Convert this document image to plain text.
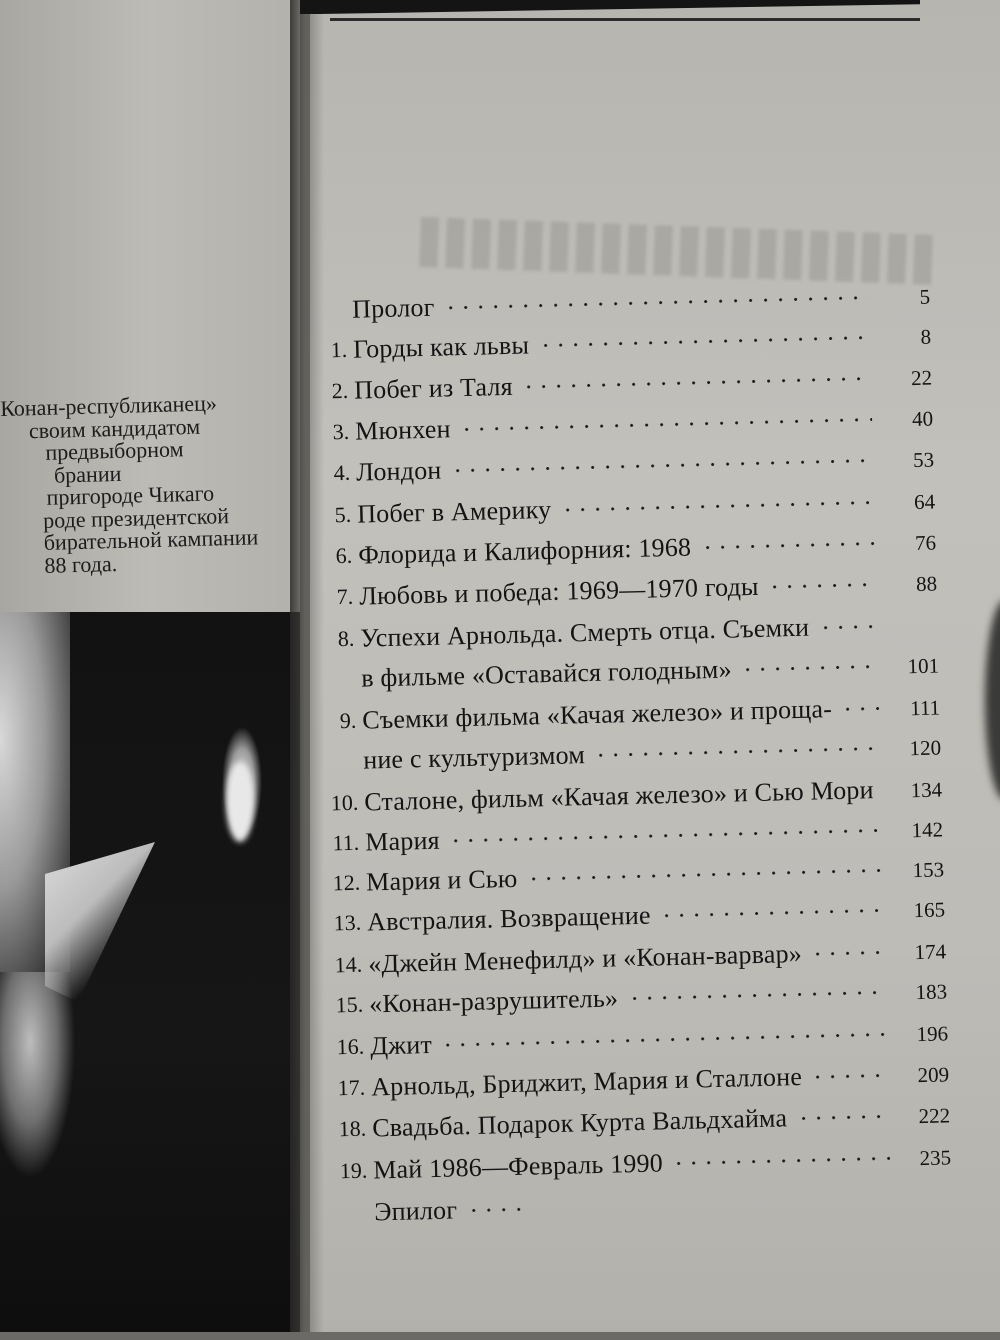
Конан-республиканец»
своим кандидатом
предвыборном
брании
пригороде Чикаго
роде президентской
бирательной кампании
88 года.
Пролог	5
1. Горды как львы	8
2. Побег из Таля	22
3. Мюнхен	40
4. Лондон	53
5. Побег в Америку	64
6. Флорида и Калифорния: 1968	76
7. Любовь и победа: 1969—1970 годы	88
8. Успехи Арнольда. Смерть отца. Съемки
в фильме «Оставайся голодным»	101
9. Съемки фильма «Качая железо» и проща-	111
ние с культуризмом	120
10. Сталоне, фильм «Качая железо» и Сью Мори	134
11. Мария	142
12. Мария и Сью	153
13. Австралия. Возвращение	165
14. «Джейн Менефилд» и «Конан-варвар»	174
15. «Конан-разрушитель»	183
16. Джит	196
17. Арнольд, Бриджит, Мария и Сталлоне	209
18. Свадьба. Подарок Курта Вальдхайма	222
19. Май 1986—Февраль 1990	235
Эпилог
